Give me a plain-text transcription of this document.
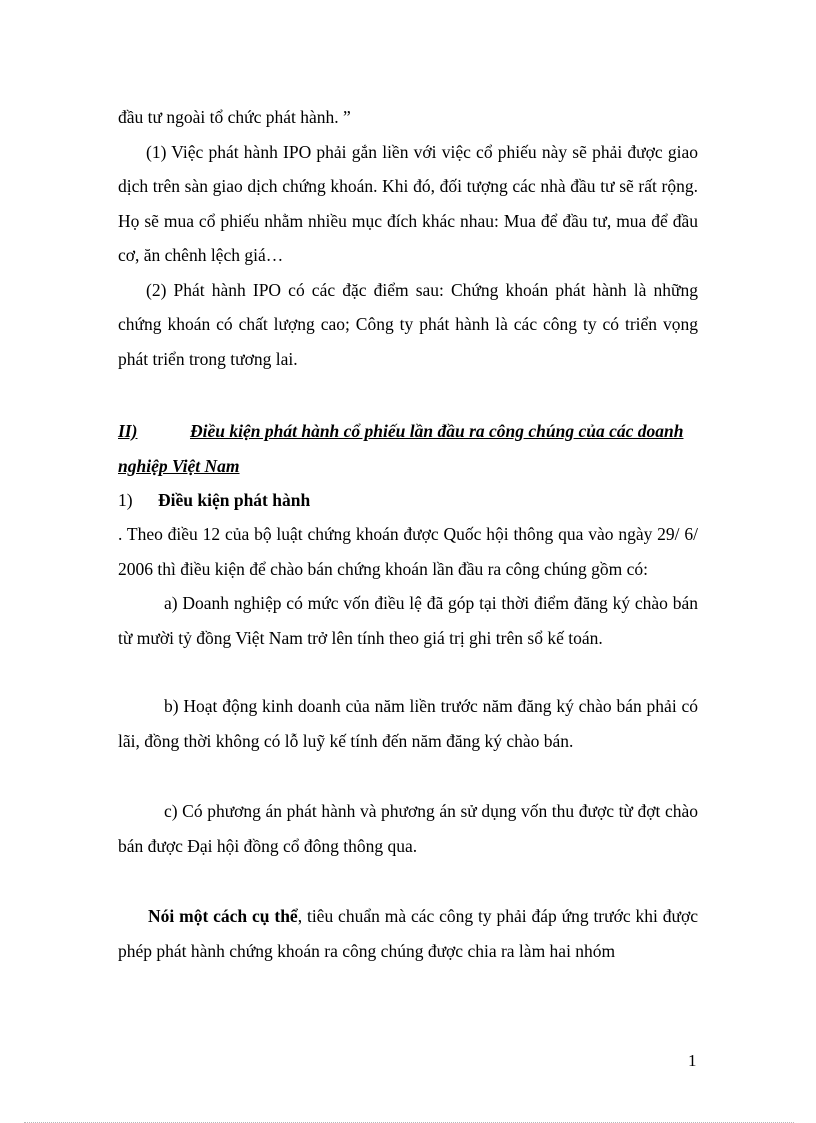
đầu tư ngoài tổ chức phát hành. ”

(1) Việc phát hành IPO phải gắn liền với việc cổ phiếu này sẽ phải được giao dịch trên sàn giao dịch chứng khoán. Khi đó, đối tượng các nhà đầu tư sẽ rất rộng. Họ sẽ mua cổ phiếu nhằm nhiều mục đích khác nhau: Mua để đầu tư, mua để đầu cơ, ăn chênh lệch giá…

(2) Phát hành IPO có các đặc điểm sau: Chứng khoán phát hành là những chứng khoán có chất lượng cao; Công ty phát hành là các công ty có triển vọng phát triển trong tương lai.

II)	Điều kiện phát hành cổ phiếu lần đầu ra công chúng của các doanh nghiệp Việt Nam

1) Điều kiện phát hành

. Theo điều 12 của bộ luật chứng khoán được Quốc hội thông qua vào ngày 29/ 6/ 2006 thì điều kiện để chào bán chứng khoán lần đầu ra công chúng gồm có:

a) Doanh nghiệp có mức vốn điều lệ đã góp tại thời điểm đăng ký chào bán từ mười tỷ đồng Việt Nam trở lên tính theo giá trị ghi trên sổ kế toán.

b) Hoạt động kinh doanh của năm liền trước năm đăng ký chào bán phải có lãi, đồng thời không có lỗ luỹ kế tính đến năm đăng ký chào bán.

c) Có phương án phát hành và phương án sử dụng vốn thu được từ đợt chào bán được Đại hội đồng cổ đông thông qua.

Nói một cách cụ thể, tiêu chuẩn mà các công ty phải đáp ứng trước khi được phép phát hành chứng khoán ra công chúng được chia ra làm hai nhóm

1
